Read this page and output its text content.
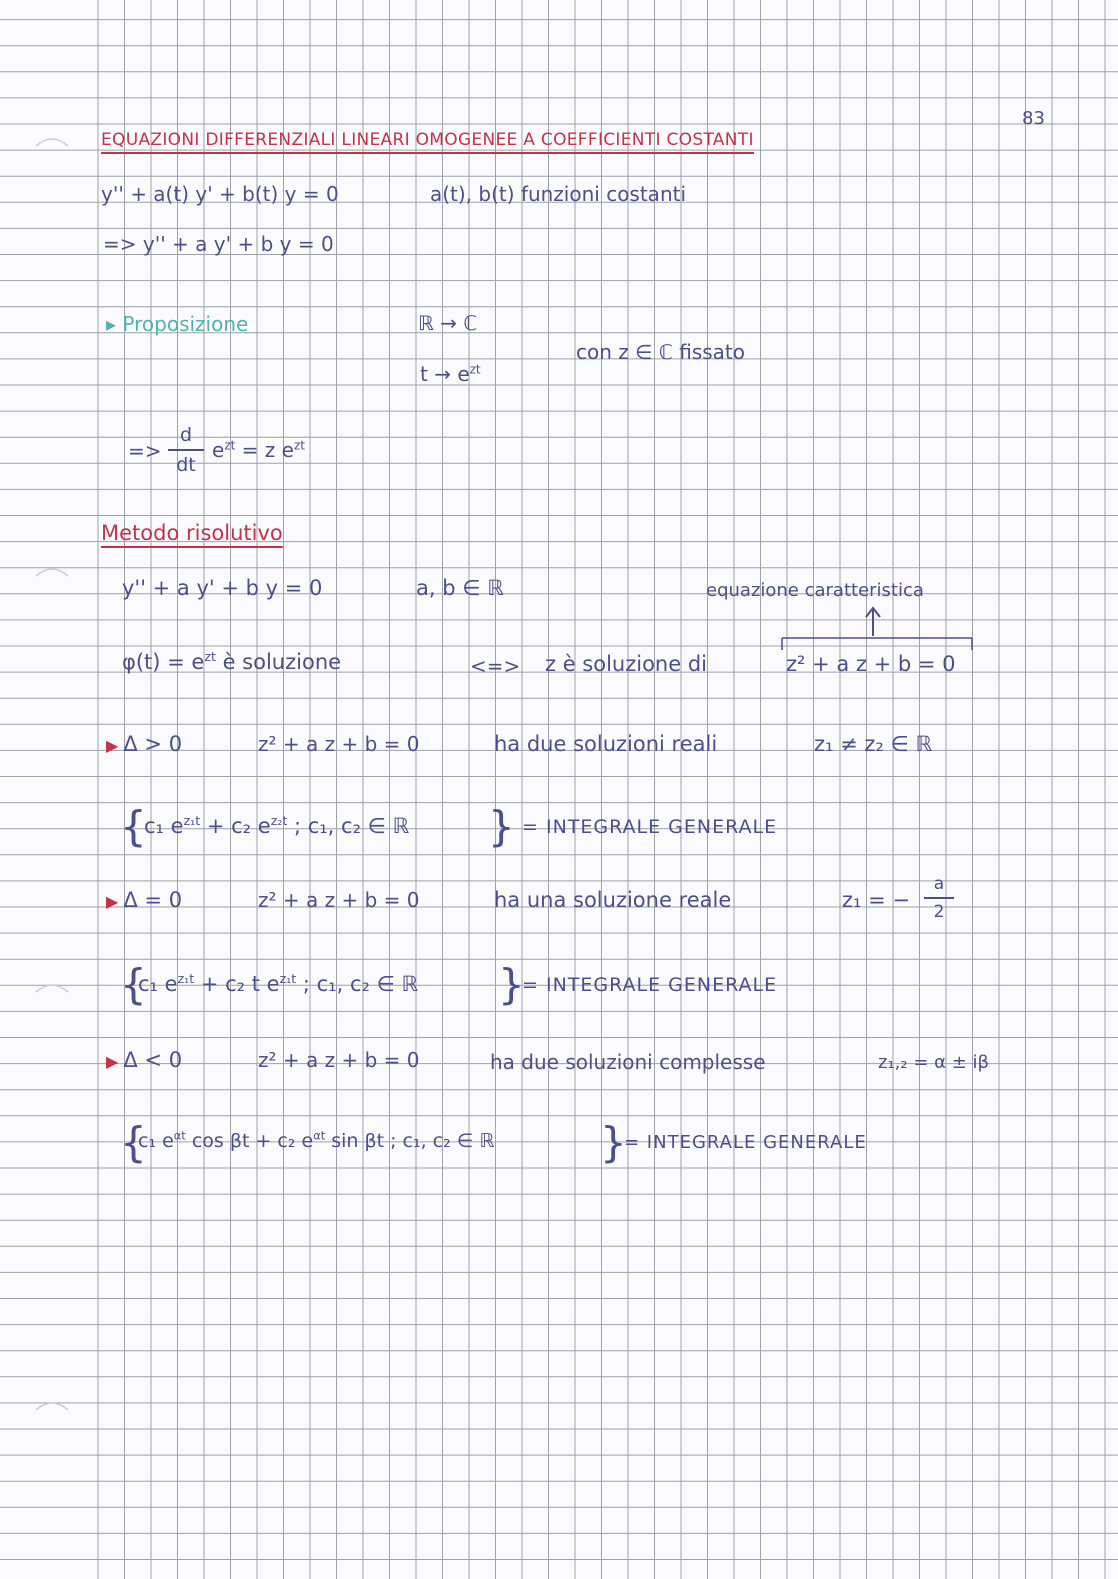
83
EQUAZIONI DIFFERENZIALI LINEARI OMOGENEE A COEFFICIENTI COSTANTI
y'' + a(t) y' + b(t) y = 0	a(t), b(t) funzioni costanti
=> y'' + a y' + b y = 0
▸ Proposizione	ℝ → ℂ
$t \to e^{zt}$
con z ∈ ℂ fissato
=>
d
dt
$e^{zt} = z$ $e^{zt}$
Metodo risolutivo
y'' + a y' + b y = 0	a, b ∈ ℝ	equazione caratteristica
$\varphi(t) = e^{zt}$ è soluzione	<=> z è soluzione di	z² + a z + b = 0
▶ Δ > 0	z² + a z + b = 0	ha due soluzioni reali	z₁ ≠ z₂ ∈ ℝ
{
c₁ $e^{z_1t} + c_2$ $e^{z_2t}$ ; c₁, c₂ ∈ ℝ } = INTEGRALE GENERALE
▶ Δ = 0	z² + a z + b = 0	ha una soluzione reale	z₁ = −
a
2
{
c₁ $e^{z_1t} + c_2$ t $e^{z_1t}$ ; c₁, c₂ ∈ ℝ }
= INTEGRALE GENERALE
▶ Δ < 0	z² + a z + b = 0	ha due soluzioni complesse	z₁,₂ = α ± iβ
{
c₁ $e^{\alpha t}$ cos βt + c₂ $e^{\alpha t}$ sin βt ; c₁, c₂ ∈ ℝ	}
= INTEGRALE GENERALE
